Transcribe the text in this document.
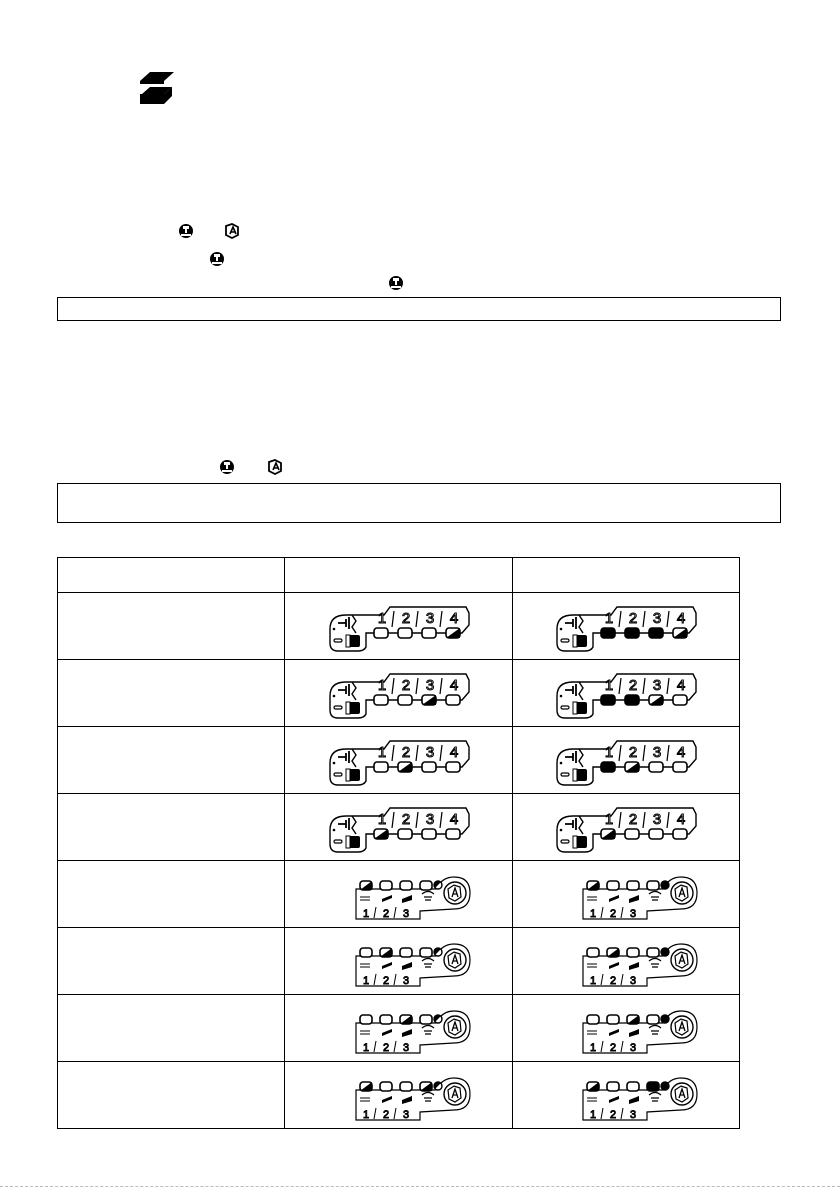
1 2 3 4	1 2 3 4

1 2 3 4	1 2 3 4

1 2 3 4	1 2 3 4

1 2 3 4	1 2 3 4

1 2 3	1 2 3

1 2 3	1 2 3

1 2 3	1 2 3

1 2 3	1 2 3
